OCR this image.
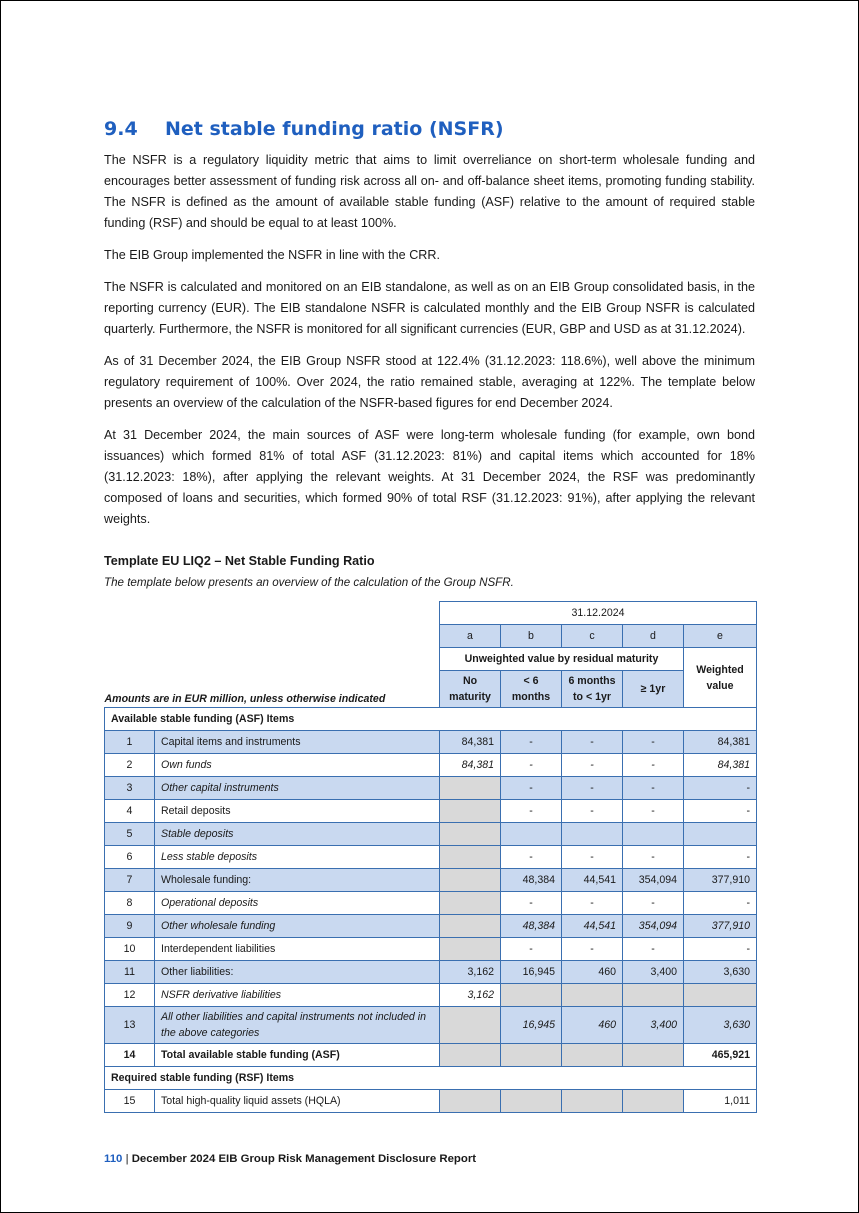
9.4	Net stable funding ratio (NSFR)

The NSFR is a regulatory liquidity metric that aims to limit overreliance on short-term wholesale funding and encourages better assessment of funding risk across all on- and off-balance sheet items, promoting funding stability. The NSFR is defined as the amount of available stable funding (ASF) relative to the amount of required stable funding (RSF) and should be equal to at least 100%.

The EIB Group implemented the NSFR in line with the CRR.

The NSFR is calculated and monitored on an EIB standalone, as well as on an EIB Group consolidated basis, in the reporting currency (EUR). The EIB standalone NSFR is calculated monthly and the EIB Group NSFR is calculated quarterly. Furthermore, the NSFR is monitored for all significant currencies (EUR, GBP and USD as at 31.12.2024).

As of 31 December 2024, the EIB Group NSFR stood at 122.4% (31.12.2023: 118.6%), well above the minimum regulatory requirement of 100%. Over 2024, the ratio remained stable, averaging at 122%. The template below presents an overview of the calculation of the NSFR-based figures for end December 2024.

At 31 December 2024, the main sources of ASF were long-term wholesale funding (for example, own bond issuances) which formed 81% of total ASF (31.12.2023: 81%) and capital items which accounted for 18% (31.12.2023: 18%), after applying the relevant weights. At 31 December 2024, the RSF was predominantly composed of loans and securities, which formed 90% of total RSF (31.12.2023: 91%), after applying the relevant weights.

Template EU LIQ2 – Net Stable Funding Ratio
The template below presents an overview of the calculation of the Group NSFR.
		31.12.2024				
		a	b	c	d	e
		Unweighted value by residual maturity				Weighted value
Amounts are in EUR million, unless otherwise indicated		No maturity	< 6 months	6 months to < 1yr	≥ 1yr	
Available stable funding (ASF) Items						
1	Capital items and instruments	84,381	-	-	-	84,381
2	Own funds	84,381	-	-	-	84,381
3	Other capital instruments		-	-	-	-
4	Retail deposits		-	-	-	-
5	Stable deposits					
6	Less stable deposits		-	-	-	-
7	Wholesale funding:		48,384	44,541	354,094	377,910
8	Operational deposits		-	-	-	-
9	Other wholesale funding		48,384	44,541	354,094	377,910
10	Interdependent liabilities		-	-	-	-
11	Other liabilities:	3,162	16,945	460	3,400	3,630
12	NSFR derivative liabilities	3,162				
13	All other liabilities and capital instruments not included in the above categories		16,945	460	3,400	3,630
14	Total available stable funding (ASF)					465,921
Required stable funding (RSF) Items						
15	Total high-quality liquid assets (HQLA)					1,011
110 | December 2024 EIB Group Risk Management Disclosure Report
